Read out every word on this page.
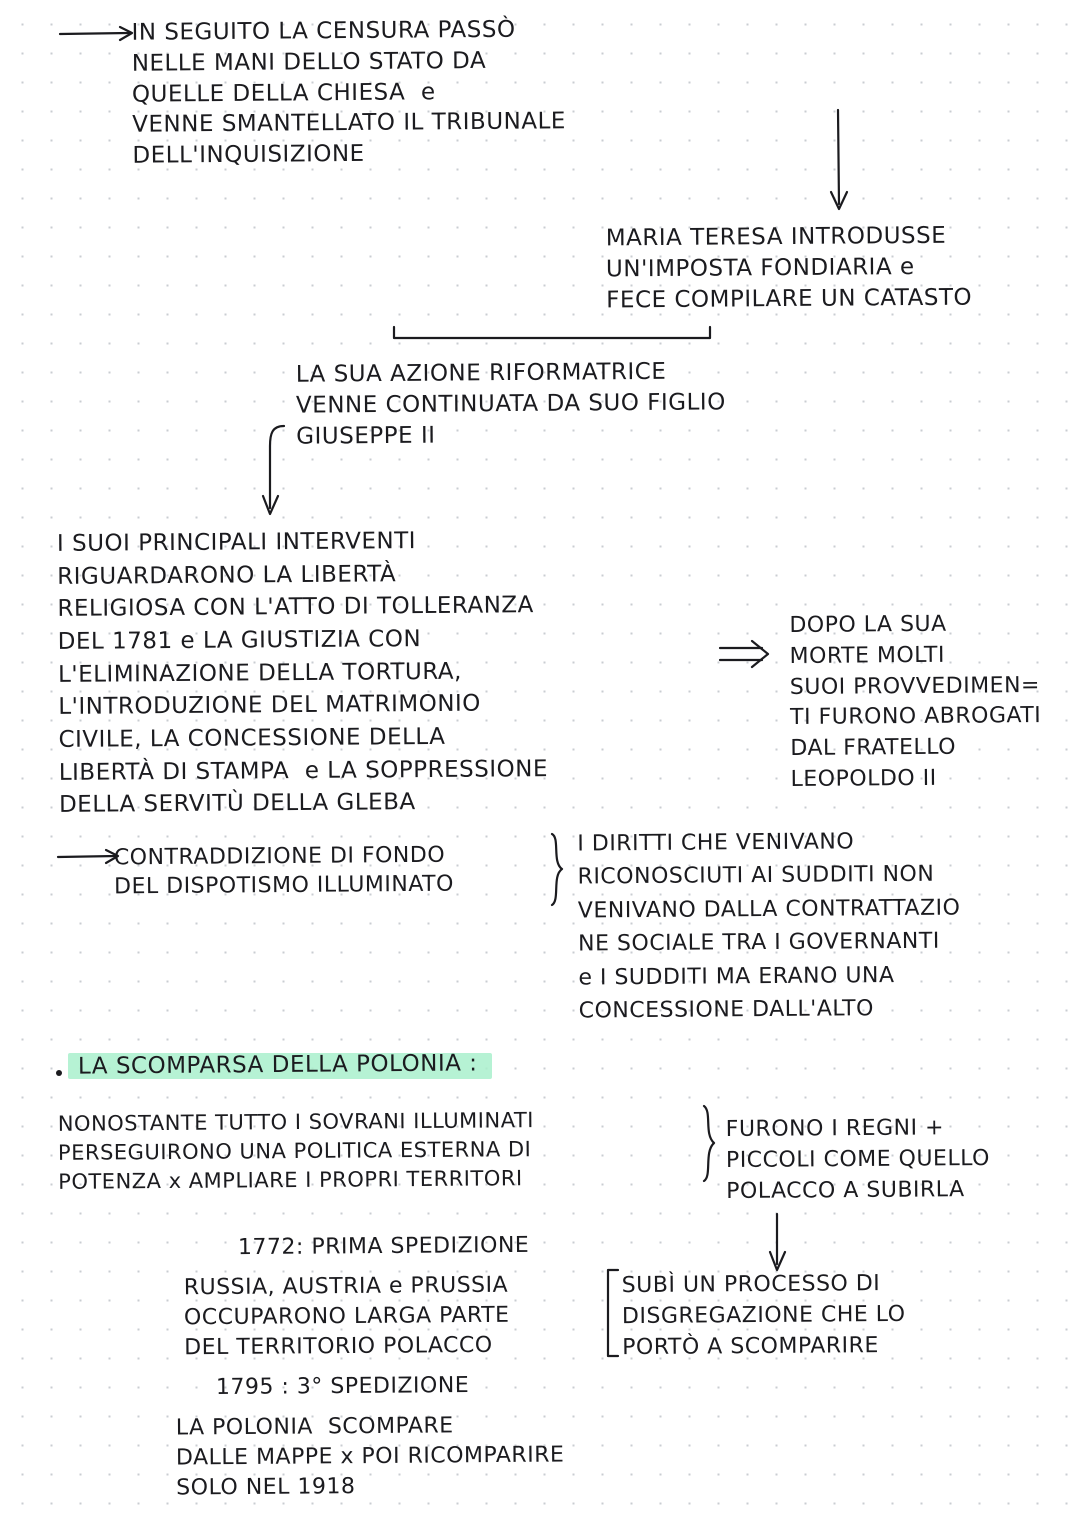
IN SEGUITO LA CENSURA PASSÒ
NELLE MANI DELLO STATO DA
QUELLE DELLA CHIESA  e
VENNE SMANTELLATO IL TRIBUNALE
DELL'INQUISIZIONE
MARIA TERESA INTRODUSSE
UN'IMPOSTA FONDIARIA e
FECE COMPILARE UN CATASTO
LA SUA AZIONE RIFORMATRICE
VENNE CONTINUATA DA SUO FIGLIO
GIUSEPPE II
I SUOI PRINCIPALI INTERVENTI
RIGUARDARONO LA LIBERTÀ
RELIGIOSA CON L'ATTO DI TOLLERANZA
DEL 1781 e LA GIUSTIZIA CON
L'ELIMINAZIONE DELLA TORTURA,
L'INTRODUZIONE DEL MATRIMONIO
CIVILE, LA CONCESSIONE DELLA
LIBERTÀ DI STAMPA  e LA SOPPRESSIONE
DELLA SERVITÙ DELLA GLEBA
DOPO LA SUA
MORTE MOLTI
SUOI PROVVEDIMEN=
TI FURONO ABROGATI
DAL FRATELLO
LEOPOLDO II
CONTRADDIZIONE DI FONDO
DEL DISPOTISMO ILLUMINATO
I DIRITTI CHE VENIVANO
RICONOSCIUTI AI SUDDITI NON
VENIVANO DALLA CONTRATTAZIO
NE SOCIALE TRA I GOVERNANTI
e I SUDDITI MA ERANO UNA
CONCESSIONE DALL'ALTO
LA SCOMPARSA DELLA POLONIA :
NONOSTANTE TUTTO I SOVRANI ILLUMINATI
PERSEGUIRONO UNA POLITICA ESTERNA DI
POTENZA x AMPLIARE I PROPRI TERRITORI
FURONO I REGNI +
PICCOLI COME QUELLO
POLACCO A SUBIRLA
1772: PRIMA SPEDIZIONE
RUSSIA, AUSTRIA e PRUSSIA
OCCUPARONO LARGA PARTE
DEL TERRITORIO POLACCO
SUBÌ UN PROCESSO DI
DISGREGAZIONE CHE LO
PORTÒ A SCOMPARIRE
1795 : 3° SPEDIZIONE
LA POLONIA  SCOMPARE
DALLE MAPPE x POI RICOMPARIRE
SOLO NEL 1918
